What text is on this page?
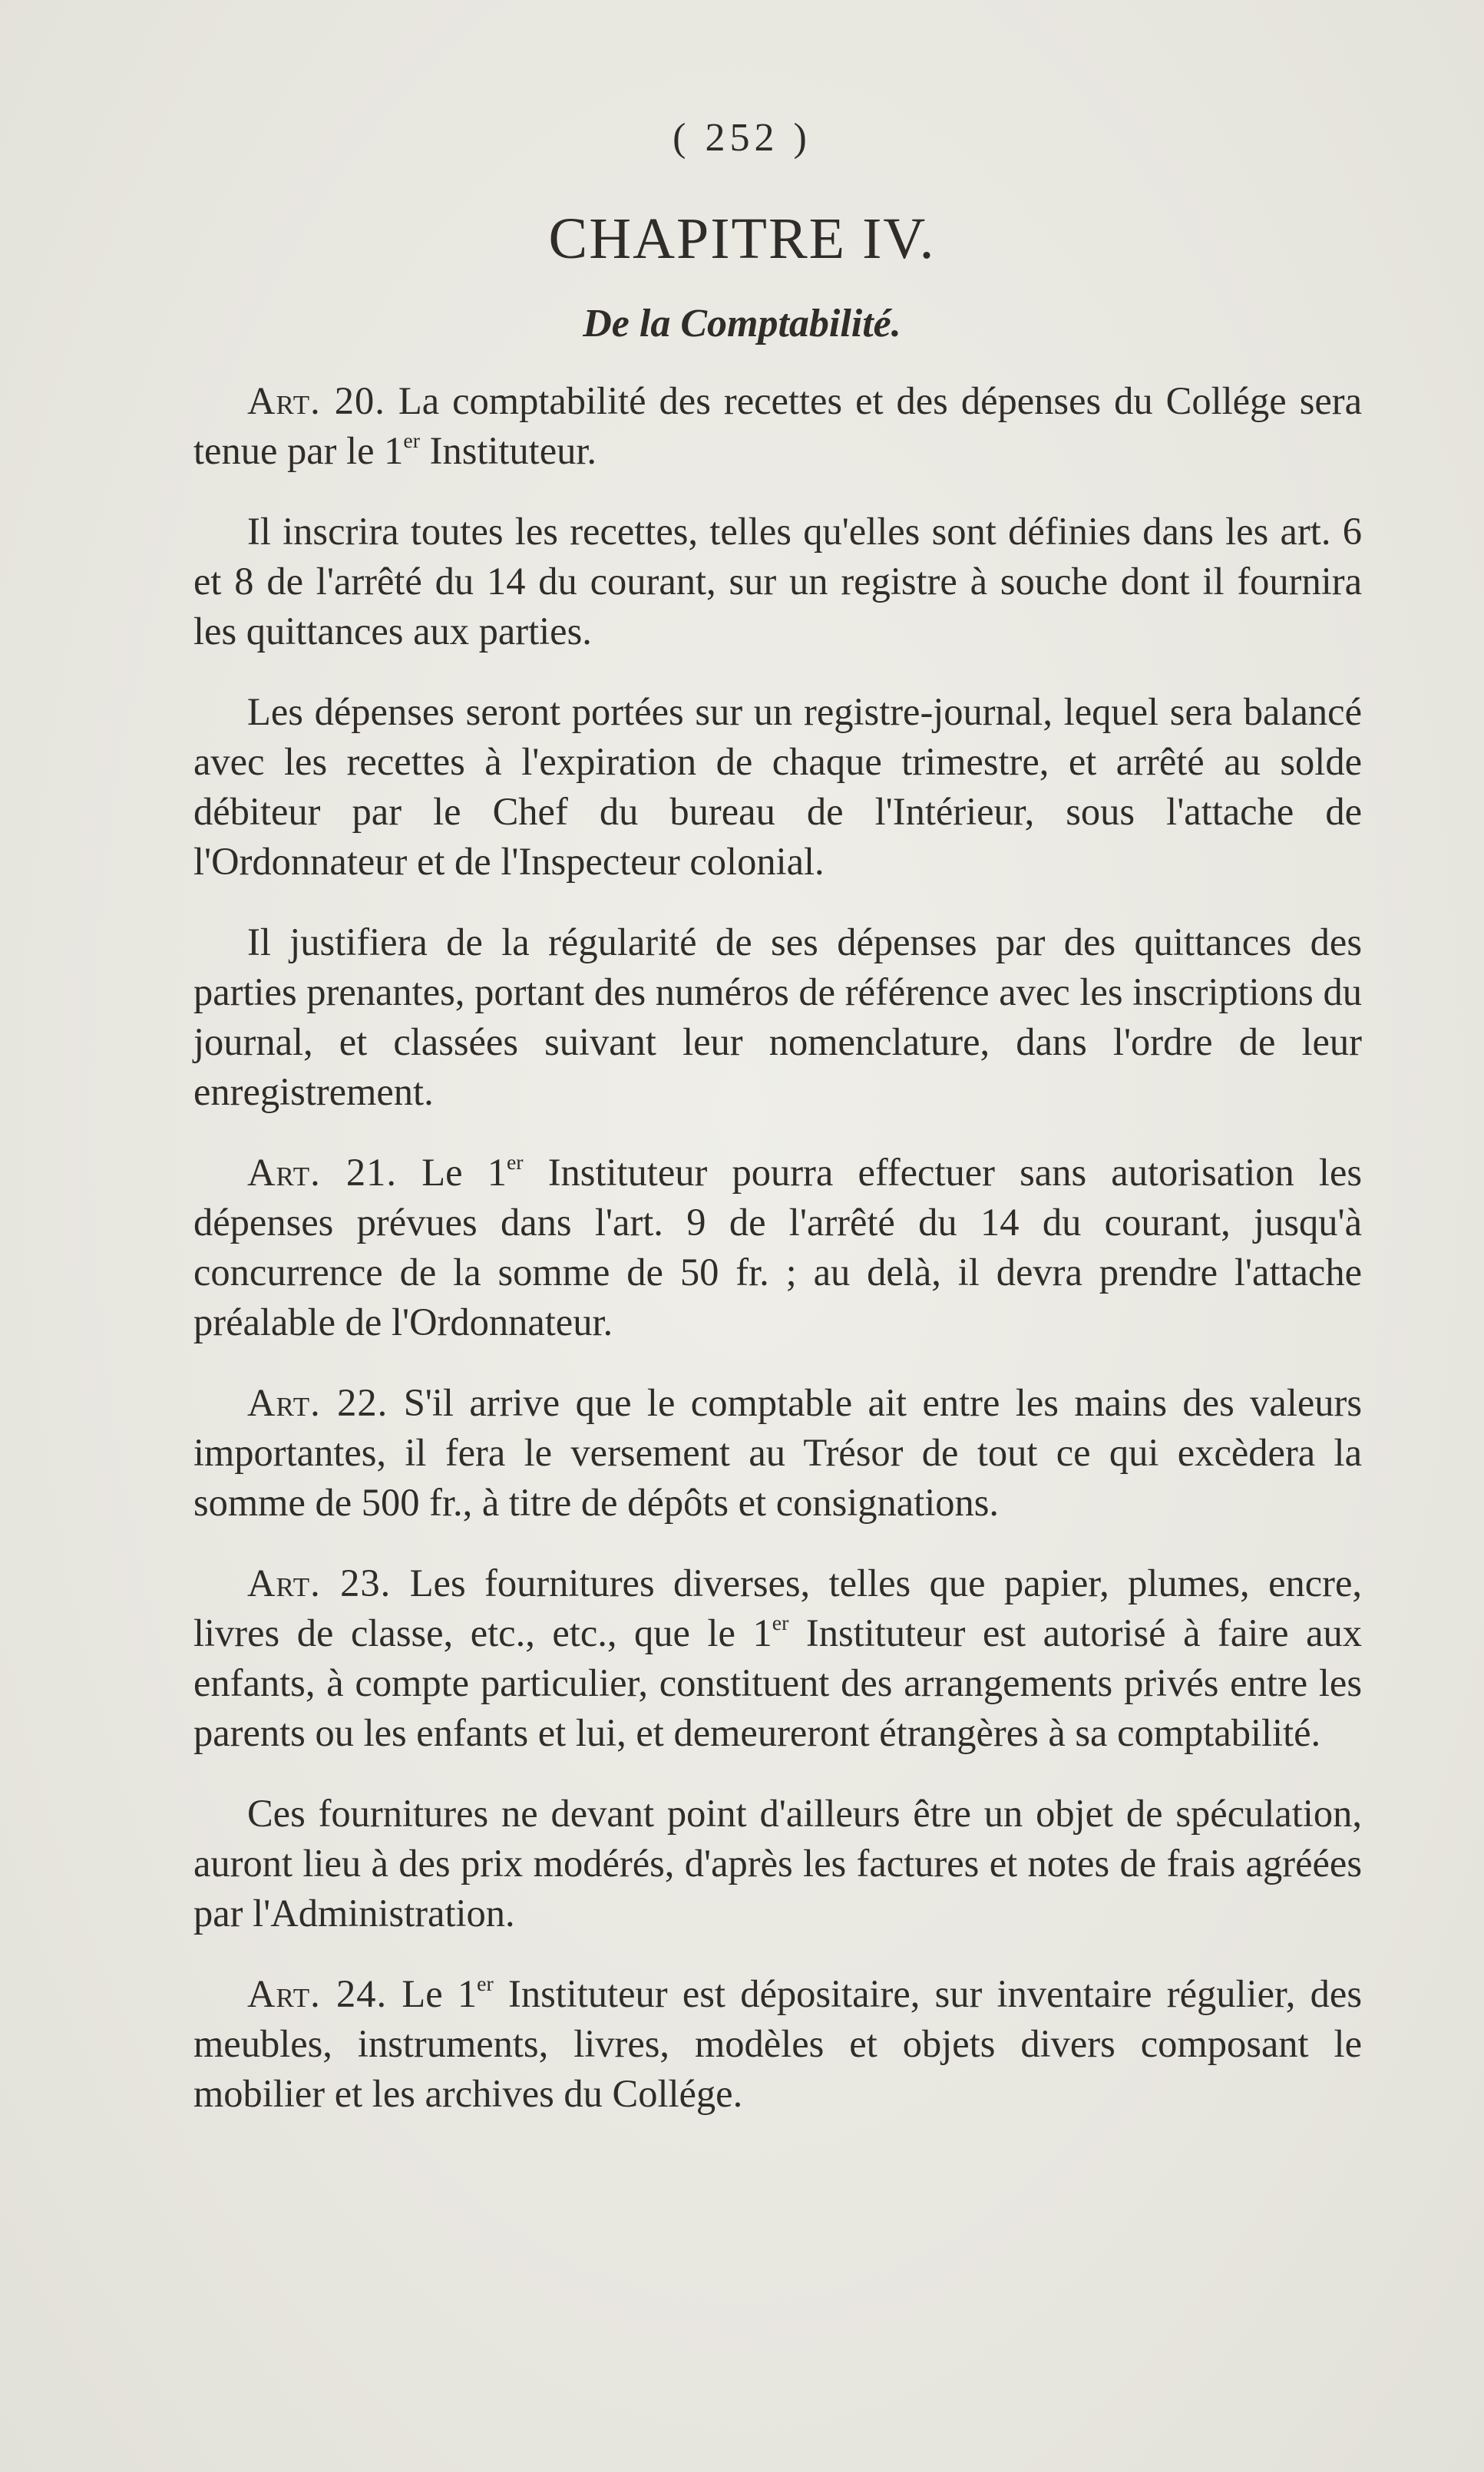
( 252 )
CHAPITRE IV.
De la Comptabilité.

Art. 20. La comptabilité des recettes et des dépenses du Collége sera tenue par le 1er Instituteur.

Il inscrira toutes les recettes, telles qu'elles sont définies dans les art. 6 et 8 de l'arrêté du 14 du courant, sur un registre à souche dont il fournira les quittances aux parties.

Les dépenses seront portées sur un registre-journal, lequel sera balancé avec les recettes à l'expiration de chaque trimestre, et arrêté au solde débiteur par le Chef du bureau de l'Intérieur, sous l'attache de l'Ordonnateur et de l'Inspecteur colonial.

Il justifiera de la régularité de ses dépenses par des quittances des parties prenantes, portant des numéros de référence avec les inscriptions du journal, et classées suivant leur nomenclature, dans l'ordre de leur enregistrement.

Art. 21. Le 1er Instituteur pourra effectuer sans autorisation les dépenses prévues dans l'art. 9 de l'arrêté du 14 du courant, jusqu'à concurrence de la somme de 50 fr. ; au delà, il devra prendre l'attache préalable de l'Ordonnateur.

Art. 22. S'il arrive que le comptable ait entre les mains des valeurs importantes, il fera le versement au Trésor de tout ce qui excèdera la somme de 500 fr., à titre de dépôts et consignations.

Art. 23. Les fournitures diverses, telles que papier, plumes, encre, livres de classe, etc., etc., que le 1er Instituteur est autorisé à faire aux enfants, à compte particulier, constituent des arrangements privés entre les parents ou les enfants et lui, et demeureront étrangères à sa comptabilité.

Ces fournitures ne devant point d'ailleurs être un objet de spéculation, auront lieu à des prix modérés, d'après les factures et notes de frais agréées par l'Administration.

Art. 24. Le 1er Instituteur est dépositaire, sur inventaire régulier, des meubles, instruments, livres, modèles et objets divers composant le mobilier et les archives du Collége.
